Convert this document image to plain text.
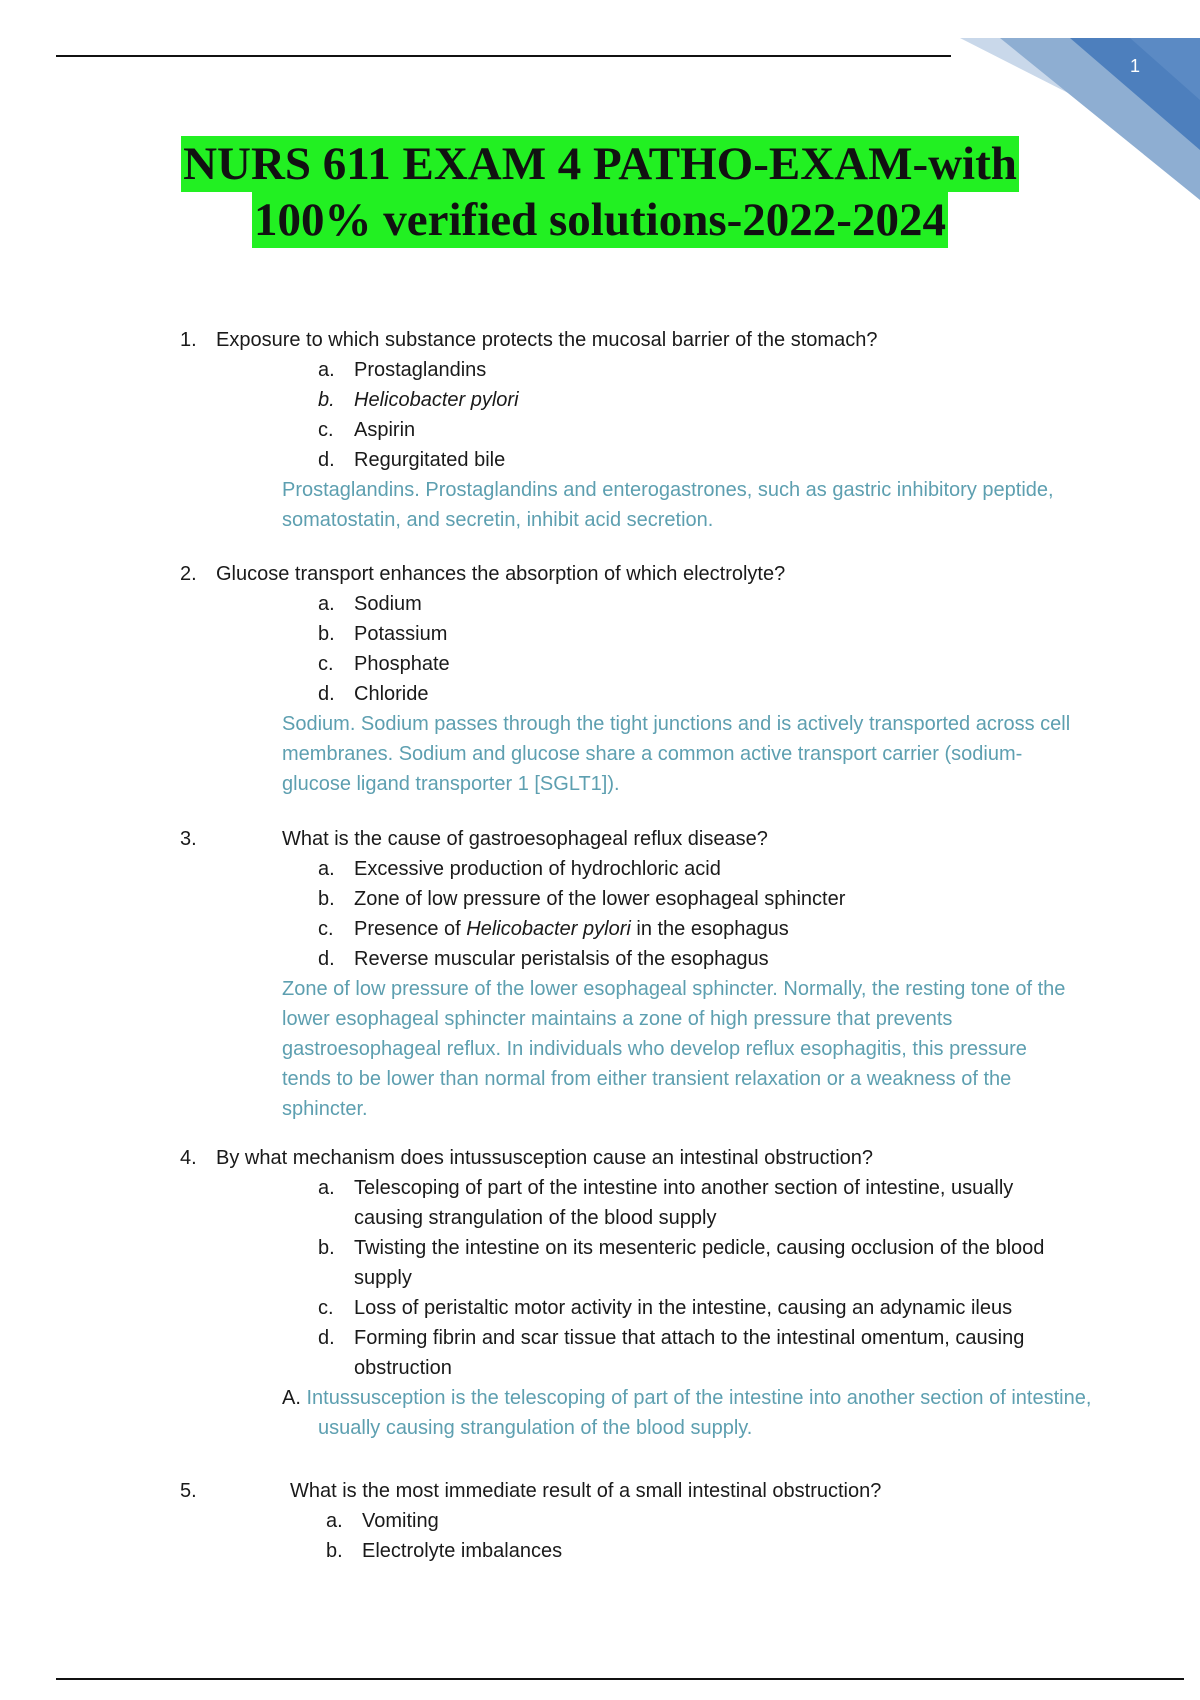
1
NURS 611 EXAM 4 PATHO-EXAM-with
100% verified solutions-2022-2024
1. Exposure to which substance protects the mucosal barrier of the stomach?
a. Prostaglandins
b. Helicobacter pylori
c. Aspirin
d. Regurgitated bile
Prostaglandins. Prostaglandins and enterogastrones, such as gastric inhibitory peptide, somatostatin, and secretin, inhibit acid secretion.
2. Glucose transport enhances the absorption of which electrolyte?
a. Sodium
b. Potassium
c. Phosphate
d. Chloride
Sodium. Sodium passes through the tight junctions and is actively transported across cell membranes. Sodium and glucose share a common active transport carrier (sodium-glucose ligand transporter 1 [SGLT1]).
3.	What is the cause of gastroesophageal reflux disease?
a. Excessive production of hydrochloric acid
b. Zone of low pressure of the lower esophageal sphincter
c. Presence of Helicobacter pylori in the esophagus
d. Reverse muscular peristalsis of the esophagus
Zone of low pressure of the lower esophageal sphincter. Normally, the resting tone of the lower esophageal sphincter maintains a zone of high pressure that prevents gastroesophageal reflux. In individuals who develop reflux esophagitis, this pressure tends to be lower than normal from either transient relaxation or a weakness of the sphincter.
4. By what mechanism does intussusception cause an intestinal obstruction?
a. Telescoping of part of the intestine into another section of intestine, usually causing strangulation of the blood supply
b. Twisting the intestine on its mesenteric pedicle, causing occlusion of the blood supply
c. Loss of peristaltic motor activity in the intestine, causing an adynamic ileus
d. Forming fibrin and scar tissue that attach to the intestinal omentum, causing obstruction
A. Intussusception is the telescoping of part of the intestine into another section of intestine, usually causing strangulation of the blood supply.
5.	What is the most immediate result of a small intestinal obstruction?
a. Vomiting
b. Electrolyte imbalances
